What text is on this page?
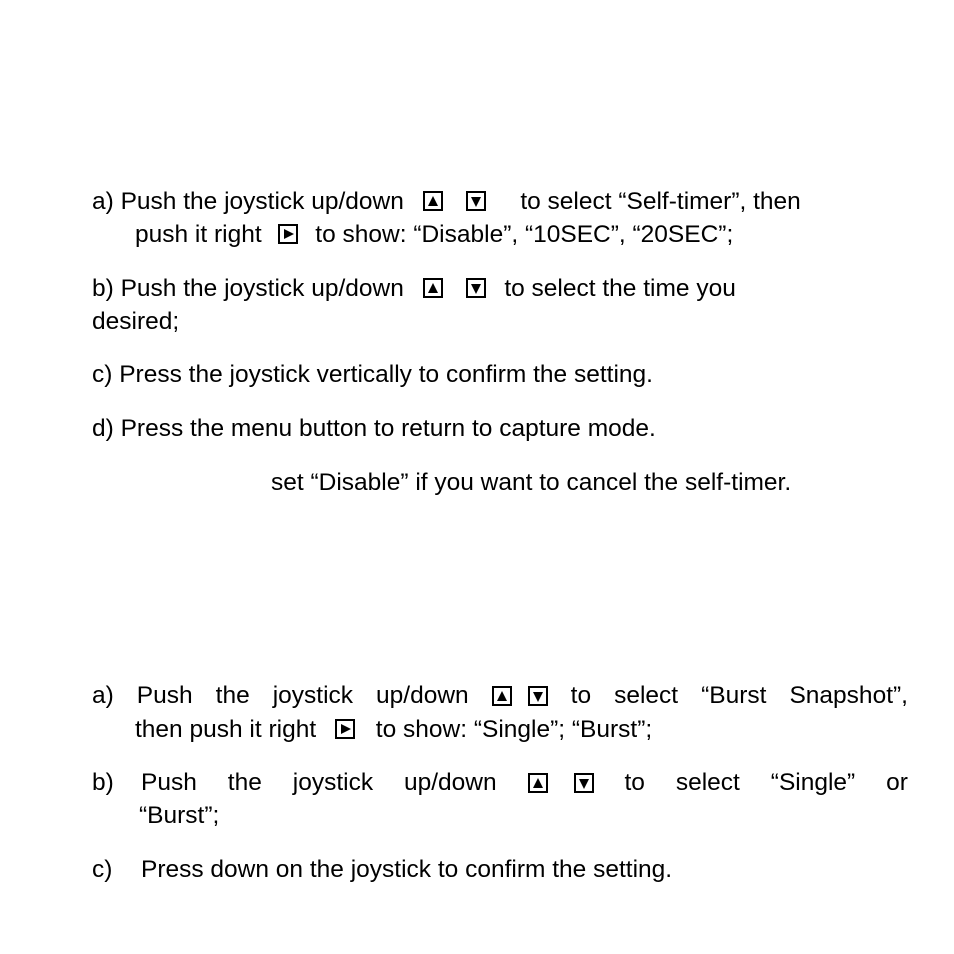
a) Push the joystick up/down	to select “Self-timer”, then
push it right to show: “Disable”, “10SEC”, “20SEC”;
b) Push the joystick up/down	to select the time you
desired;
c) Press the joystick vertically to confirm the setting.
d) Press the menu button to return to capture mode.
set “Disable” if you want to cancel the self-timer.
a) Push the joystick up/down	to select “Burst Snapshot”,
then push it right to show: “Single”; “Burst”;
b) Push the joystick up/down	to select “Single” or
“Burst”;
c) Press down on the joystick to confirm the setting.
